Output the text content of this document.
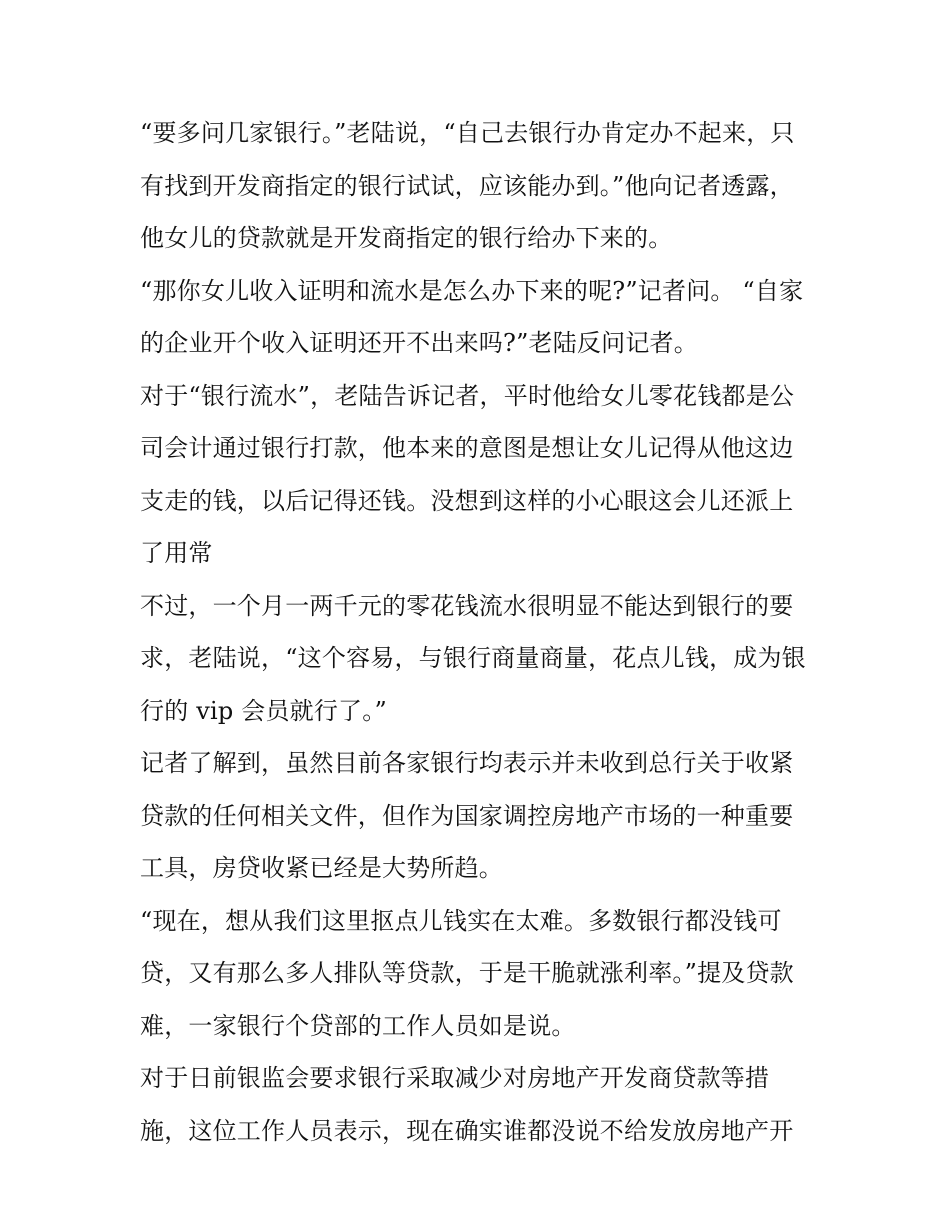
“要多问几家银行。”老陆说，“自己去银行办肯定办不起来，只有找到开发商指定的银行试试，应该能办到。”他向记者透露，他女儿的贷款就是开发商指定的银行给办下来的。

“那你女儿收入证明和流水是怎么办下来的呢?”记者问。 “自家的企业开个收入证明还开不出来吗?”老陆反问记者。

对于“银行流水”，老陆告诉记者，平时他给女儿零花钱都是公司会计通过银行打款，他本来的意图是想让女儿记得从他这边支走的钱，以后记得还钱。没想到这样的小心眼这会儿还派上了用常

不过，一个月一两千元的零花钱流水很明显不能达到银行的要求，老陆说，“这个容易，与银行商量商量，花点儿钱，成为银行的 vip 会员就行了。”

记者了解到，虽然目前各家银行均表示并未收到总行关于收紧贷款的任何相关文件，但作为国家调控房地产市场的一种重要工具，房贷收紧已经是大势所趋。

“现在，想从我们这里抠点儿钱实在太难。多数银行都没钱可贷，又有那么多人排队等贷款，于是干脆就涨利率。”提及贷款难，一家银行个贷部的工作人员如是说。

对于日前银监会要求银行采取减少对房地产开发商贷款等措施，这位工作人员表示，现在确实谁都没说不给发放房地产开
